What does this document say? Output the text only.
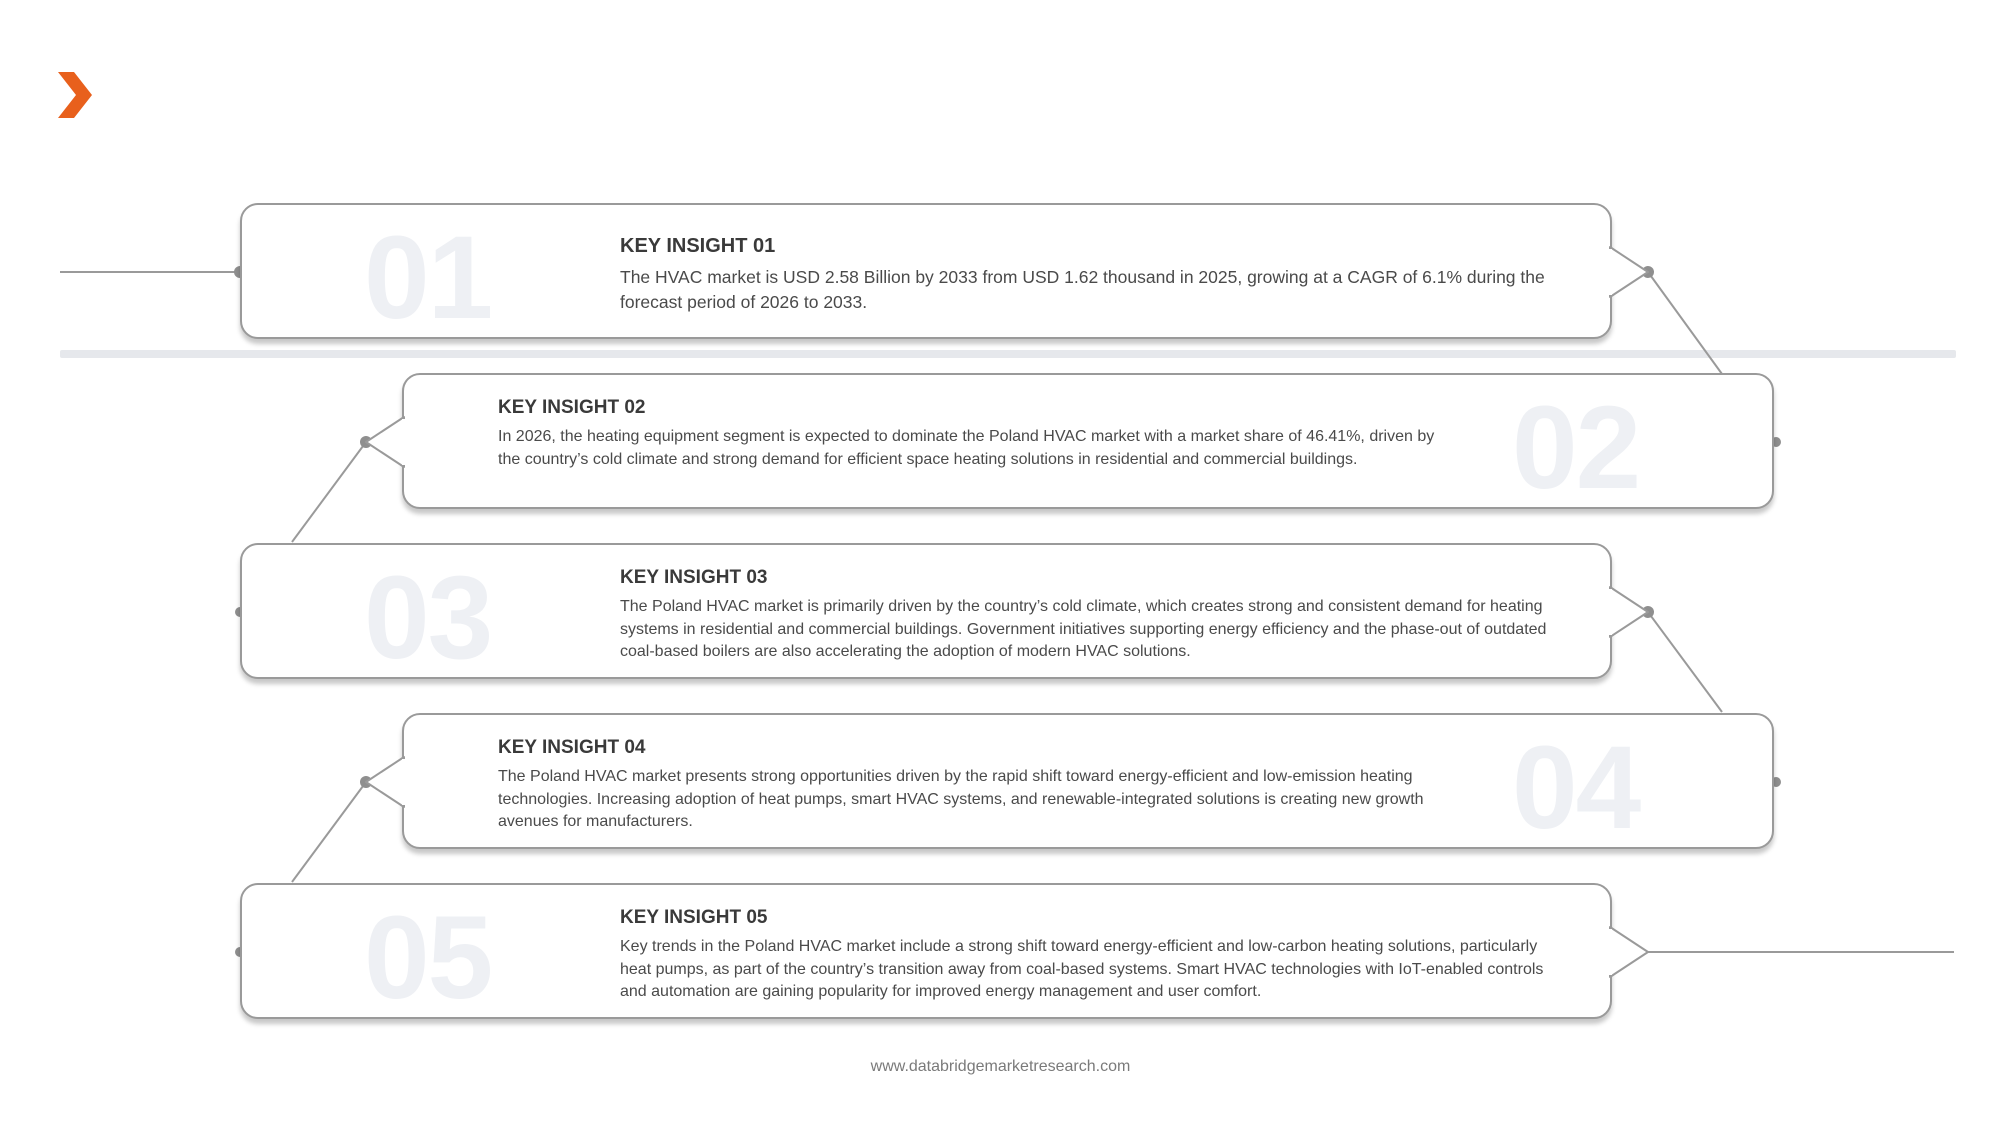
01	KEY INSIGHT 01

The HVAC market is USD 2.58 Billion by 2033 from USD 1.62 thousand in 2025, growing at a CAGR of 6.1% during the forecast period of 2026 to 2033.

02
KEY INSIGHT 02

In 2026, the heating equipment segment is expected to dominate the Poland HVAC market with a market share of 46.41%, driven by the country’s cold climate and strong demand for efficient space heating solutions in residential and commercial buildings.

03	KEY INSIGHT 03

The Poland HVAC market is primarily driven by the country’s cold climate, which creates strong and consistent demand for heating systems in residential and commercial buildings. Government initiatives supporting energy efficiency and the phase-out of outdated coal-based boilers are also accelerating the adoption of modern HVAC solutions.

04
KEY INSIGHT 04

The Poland HVAC market presents strong opportunities driven by the rapid shift toward energy-efficient and low-emission heating technologies. Increasing adoption of heat pumps, smart HVAC systems, and renewable-integrated solutions is creating new growth avenues for manufacturers.

05	KEY INSIGHT 05

Key trends in the Poland HVAC market include a strong shift toward energy-efficient and low-carbon heating solutions, particularly heat pumps, as part of the country’s transition away from coal-based systems. Smart HVAC technologies with IoT-enabled controls and automation are gaining popularity for improved energy management and user comfort.

www.databridgemarketresearch.com
